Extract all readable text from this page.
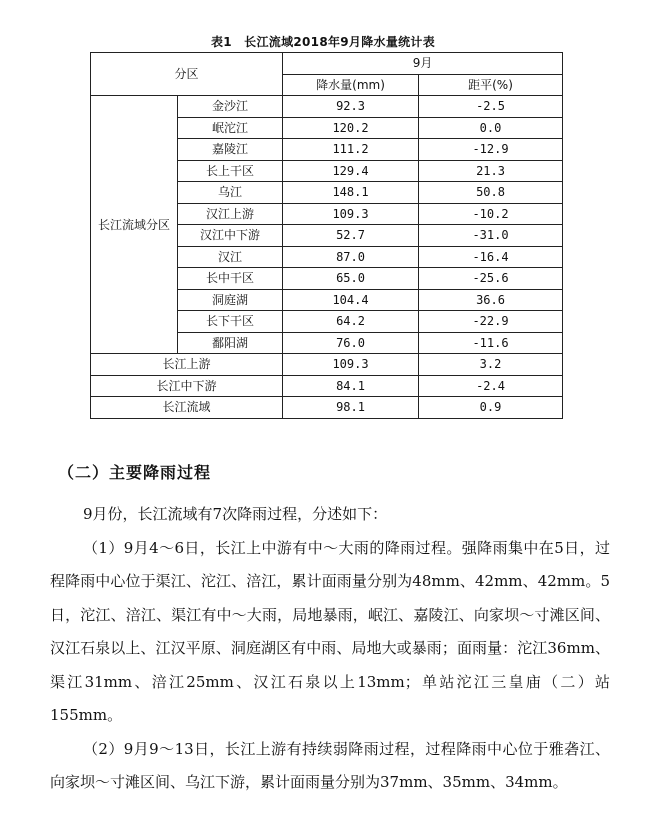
表1　长江流域2018年9月降水量统计表
分区		9月	
		降水量(mm)	距平(%)
长江流域分区	金沙江	92.3	-2.5
	岷沱江	120.2	0.0
	嘉陵江	111.2	-12.9
	长上干区	129.4	21.3
	乌江	148.1	50.8
	汉江上游	109.3	-10.2
	汉江中下游	52.7	-31.0
	汉江	87.0	-16.4
	长中干区	65.0	-25.6
	洞庭湖	104.4	36.6
	长下干区	64.2	-22.9
	鄱阳湖	76.0	-11.6
长江上游		109.3	3.2
长江中下游		84.1	-2.4
长江流域		98.1	0.9
（二）主要降雨过程

9月份，长江流域有7次降雨过程，分述如下：

（1）9月4～6日，长江上中游有中～大雨的降雨过程。强降雨集中在5日，过程降雨中心位于渠江、沱江、涪江，累计面雨量分别为48mm、42mm、42mm。5日，沱江、涪江、渠江有中～大雨，局地暴雨，岷江、嘉陵江、向家坝～寸滩区间、汉江石泉以上、江汉平原、洞庭湖区有中雨、局地大或暴雨；面雨量：沱江36mm、渠江31mm、涪江25mm、汉江石泉以上13mm；单站沱江三皇庙（二）站155mm。

（2）9月9～13日，长江上游有持续弱降雨过程，过程降雨中心位于雅砻江、向家坝～寸滩区间、乌江下游，累计面雨量分别为37mm、35mm、34mm。
